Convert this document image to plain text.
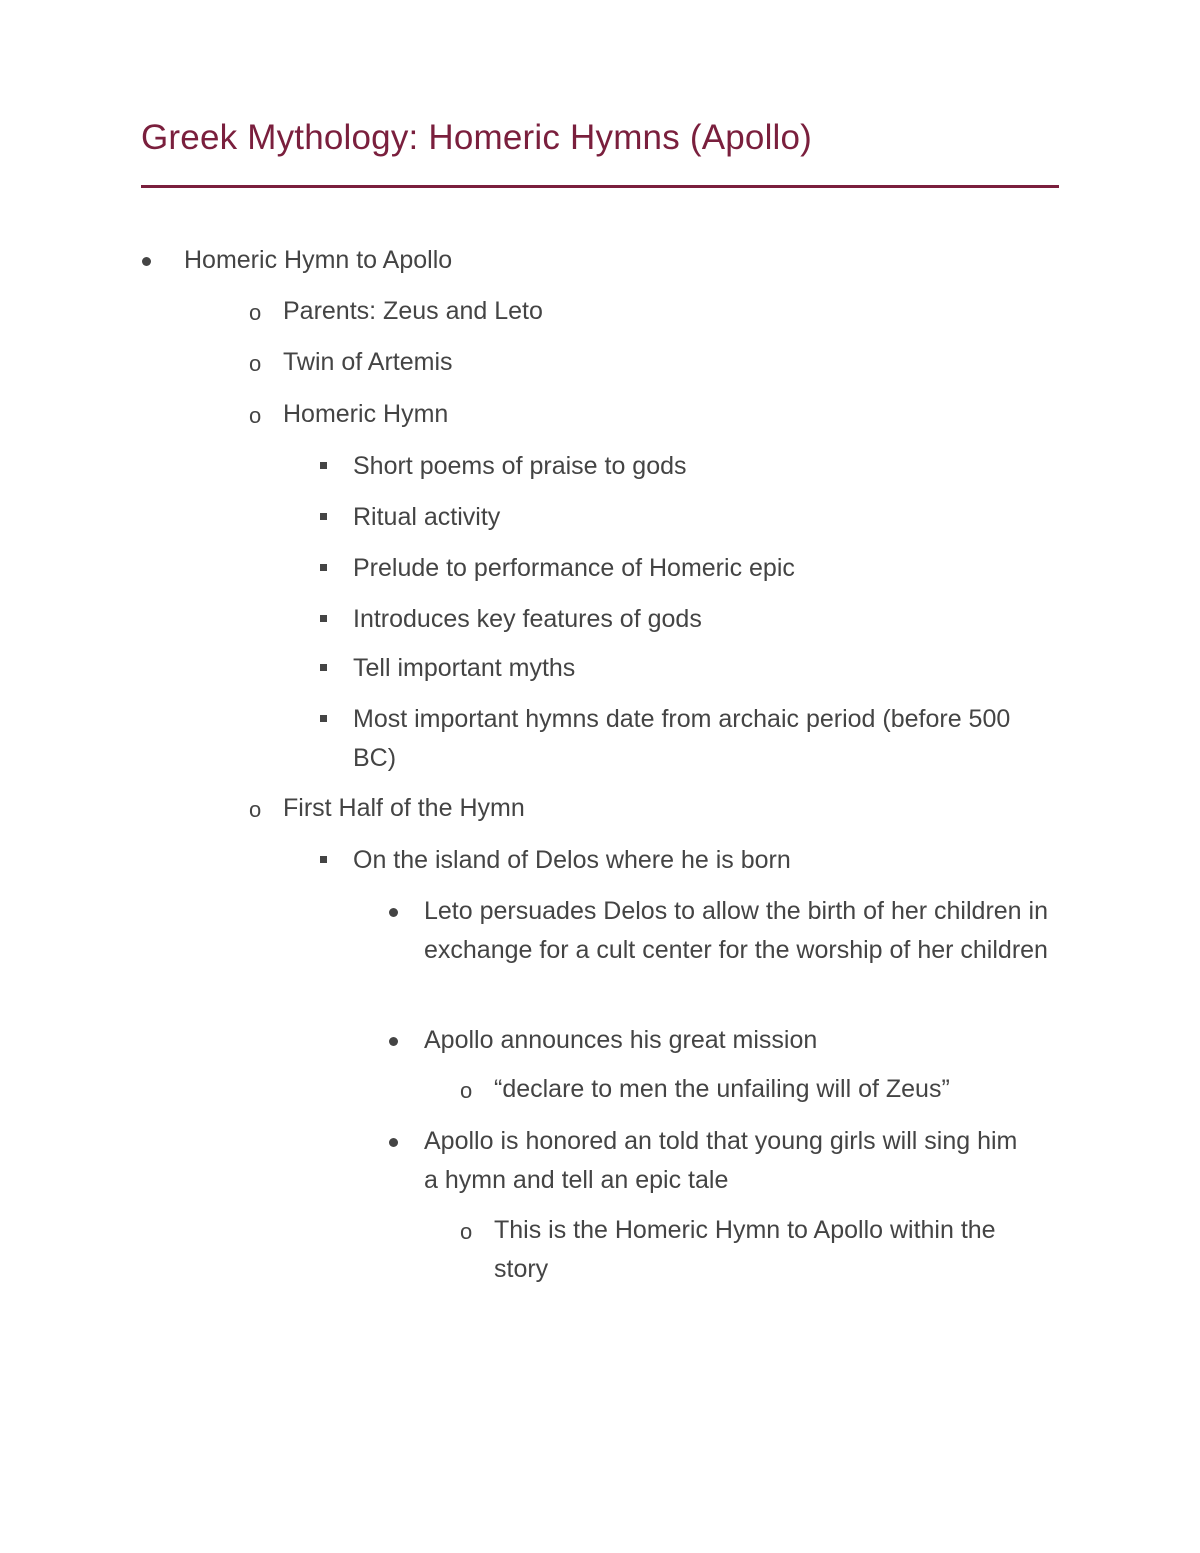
Greek Mythology: Homeric Hymns (Apollo)
Homeric Hymn to Apollo
o Parents: Zeus and Leto
o Twin of Artemis
o Homeric Hymn
Short poems of praise to gods
Ritual activity
Prelude to performance of Homeric epic
Introduces key features of gods
Tell important myths
Most important hymns date from archaic period (before 500 BC)
o First Half of the Hymn
On the island of Delos where he is born
Leto persuades Delos to allow the birth of her children in exchange for a cult center for the worship of her children
Apollo announces his great mission
o “declare to men the unfailing will of Zeus”
Apollo is honored an told that young girls will sing him a hymn and tell an epic tale
o This is the Homeric Hymn to Apollo within the story
